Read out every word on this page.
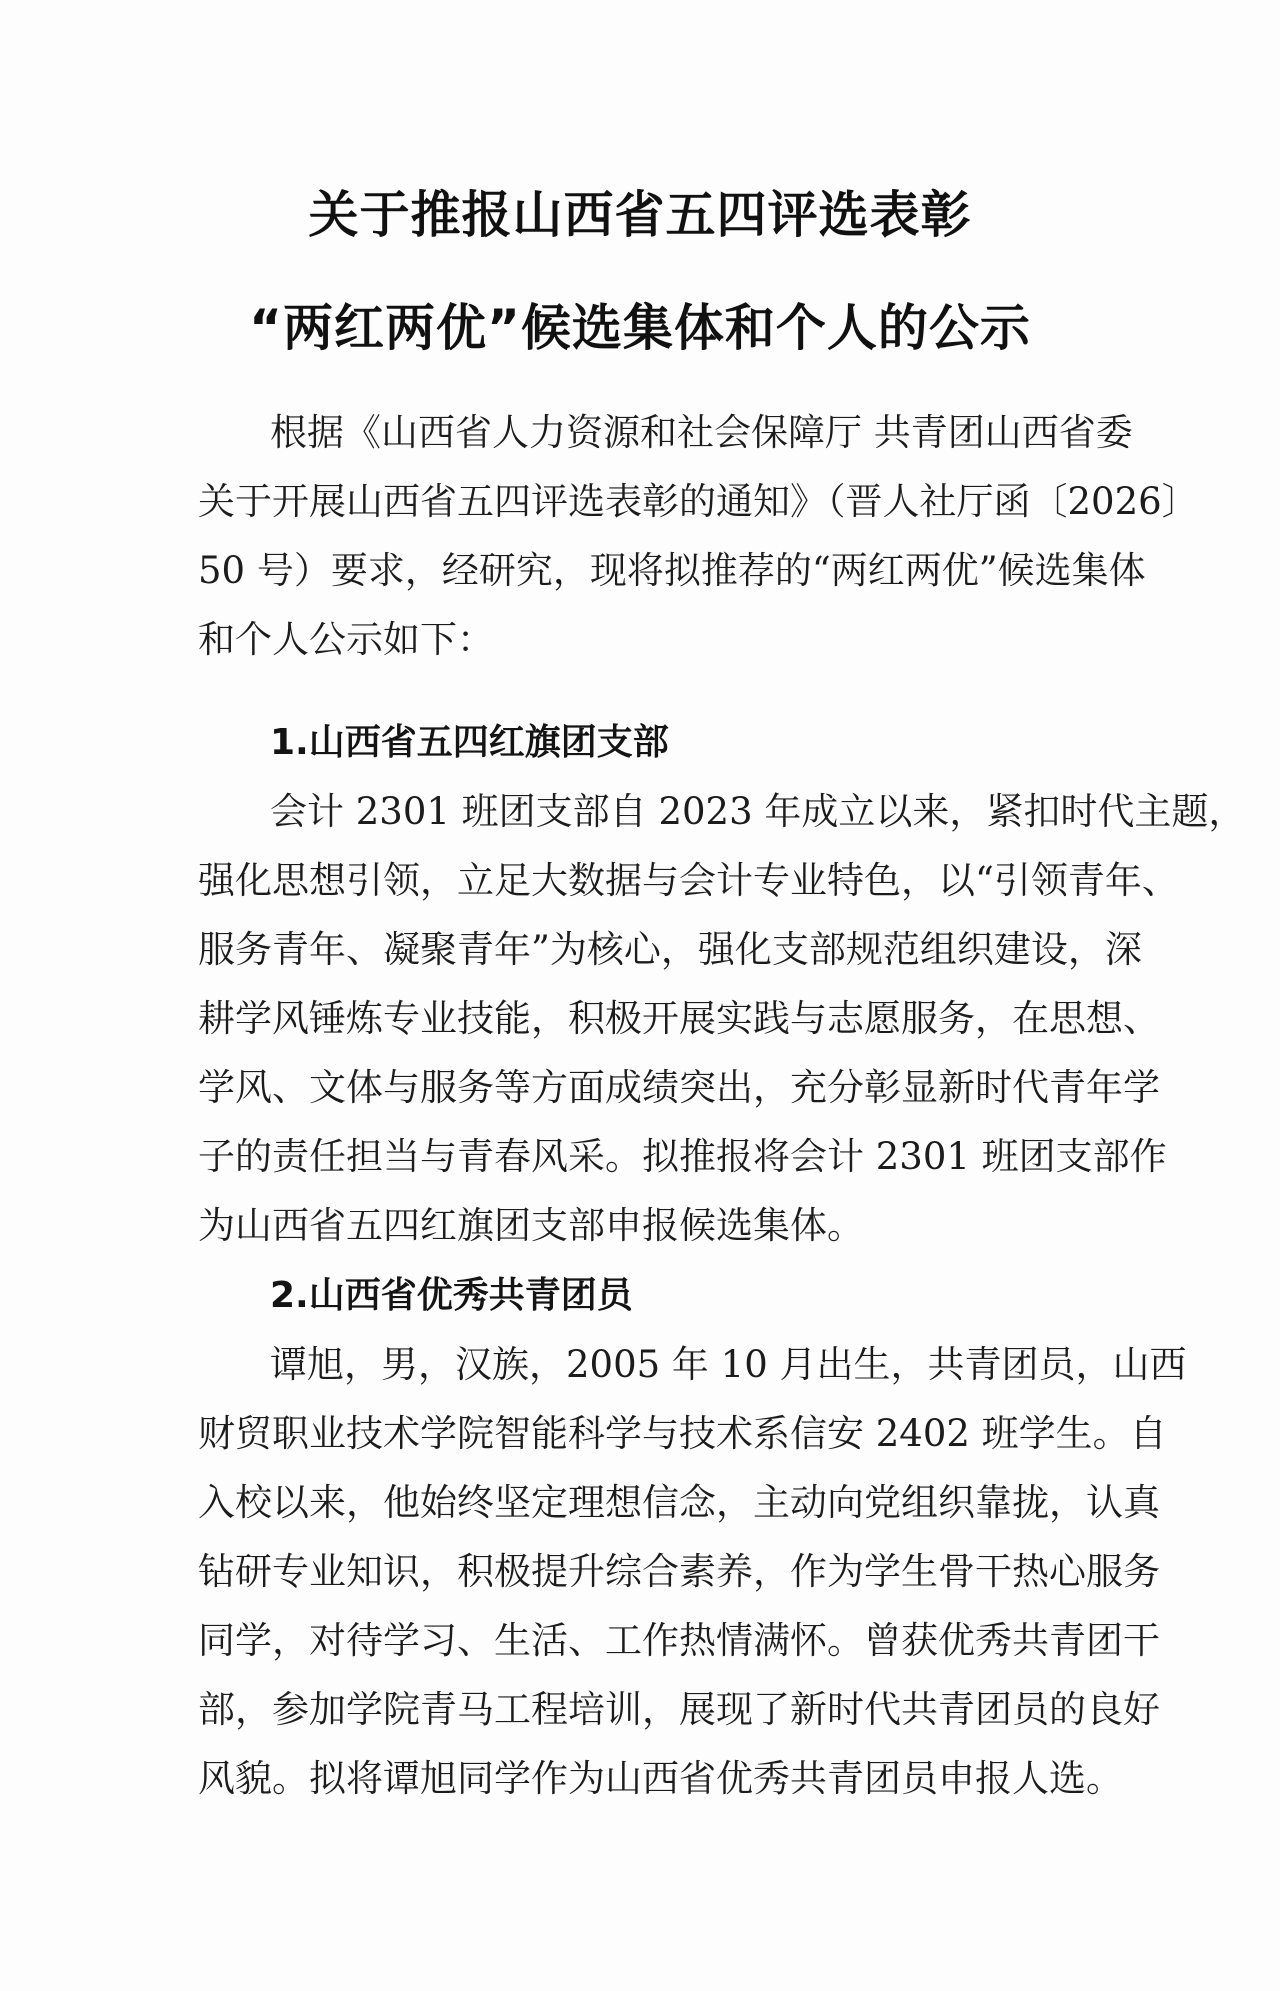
关于推报山西省五四评选表彰
“两红两优”候选集体和个人的公示
根据《山西省人力资源和社会保障厅 共青团山西省委
关于开展山西省五四评选表彰的通知》（晋人社厅函〔2026〕
50 号）要求，经研究，现将拟推荐的“两红两优”候选集体
和个人公示如下：
1.山西省五四红旗团支部
会计 2301 班团支部自 2023 年成立以来，紧扣时代主题，
强化思想引领，立足大数据与会计专业特色，以“引领青年、
服务青年、凝聚青年”为核心，强化支部规范组织建设，深
耕学风锤炼专业技能，积极开展实践与志愿服务，在思想、
学风、文体与服务等方面成绩突出，充分彰显新时代青年学
子的责任担当与青春风采。拟推报将会计 2301 班团支部作
为山西省五四红旗团支部申报候选集体。
2.山西省优秀共青团员
谭旭，男，汉族，2005 年 10 月出生，共青团员，山西
财贸职业技术学院智能科学与技术系信安 2402 班学生。自
入校以来，他始终坚定理想信念，主动向党组织靠拢，认真
钻研专业知识，积极提升综合素养，作为学生骨干热心服务
同学，对待学习、生活、工作热情满怀。曾获优秀共青团干
部，参加学院青马工程培训，展现了新时代共青团员的良好
风貌。拟将谭旭同学作为山西省优秀共青团员申报人选。
